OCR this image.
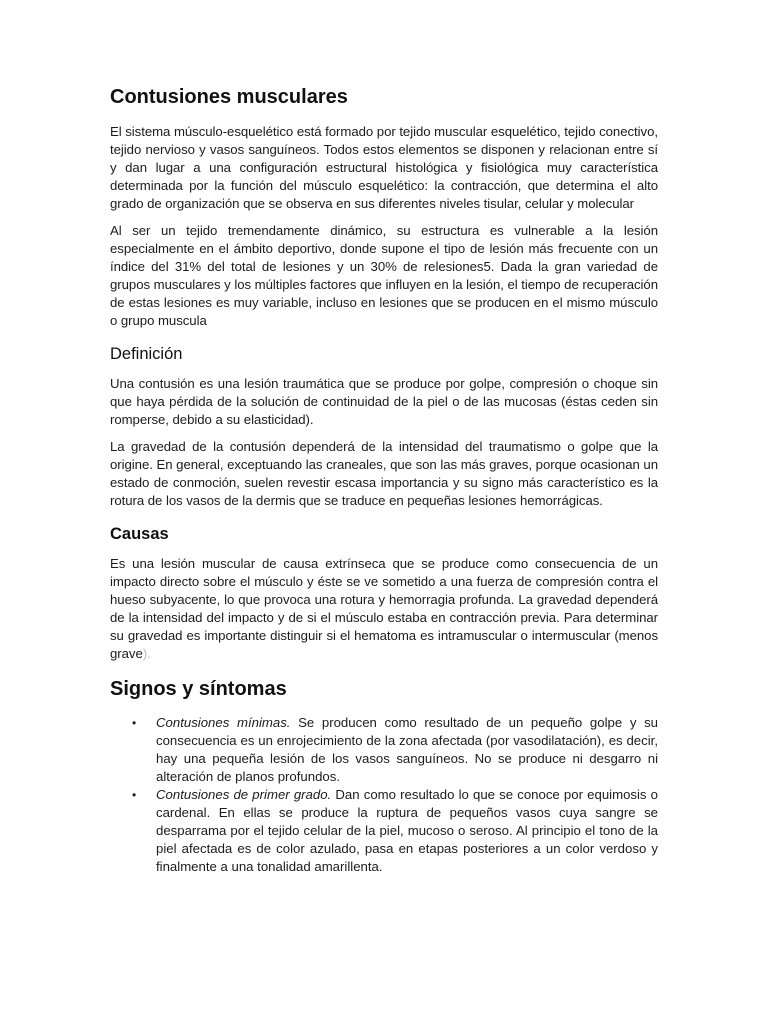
Contusiones musculares

El sistema músculo-esquelético está formado por tejido muscular esquelético, tejido conectivo, tejido nervioso y vasos sanguíneos. Todos estos elementos se disponen y relacionan entre sí y dan lugar a una configuración estructural histológica y fisiológica muy característica determinada por la función del músculo esquelético: la contracción, que determina el alto grado de organización que se observa en sus diferentes niveles tisular, celular y molecular

Al ser un tejido tremendamente dinámico, su estructura es vulnerable a la lesión especialmente en el ámbito deportivo, donde supone el tipo de lesión más frecuente con un índice del 31% del total de lesiones y un 30% de relesiones5. Dada la gran variedad de grupos musculares y los múltiples factores que influyen en la lesión, el tiempo de recuperación de estas lesiones es muy variable, incluso en lesiones que se producen en el mismo músculo o grupo muscula

Definición

Una contusión es una lesión traumática que se produce por golpe, compresión o choque sin que haya pérdida de la solución de continuidad de la piel o de las mucosas (éstas ceden sin romperse, debido a su elasticidad).

La gravedad de la contusión dependerá de la intensidad del traumatismo o golpe que la origine. En general, exceptuando las craneales, que son las más graves, porque ocasionan un estado de conmoción, suelen revestir escasa importancia y su signo más característico es la rotura de los vasos de la dermis que se traduce en pequeñas lesiones hemorrágicas.

Causas

Es una lesión muscular de causa extrínseca que se produce como consecuencia de un impacto directo sobre el músculo y éste se ve sometido a una fuerza de compresión contra el hueso subyacente, lo que provoca una rotura y hemorragia profunda. La gravedad dependerá de la intensidad del impacto y de si el músculo estaba en contracción previa. Para determinar su gravedad es importante distinguir si el hematoma es intramuscular o intermuscular (menos grave).

Signos y síntomas
• Contusiones mínimas. Se producen como resultado de un pequeño golpe y su consecuencia es un enrojecimiento de la zona afectada (por vasodilatación), es decir, hay una pequeña lesión de los vasos sanguíneos. No se produce ni desgarro ni alteración de planos profundos.
• Contusiones de primer grado. Dan como resultado lo que se conoce por equimosis o cardenal. En ellas se produce la ruptura de pequeños vasos cuya sangre se desparrama por el tejido celular de la piel, mucoso o seroso. Al principio el tono de la piel afectada es de color azulado, pasa en etapas posteriores a un color verdoso y finalmente a una tonalidad amarillenta.
